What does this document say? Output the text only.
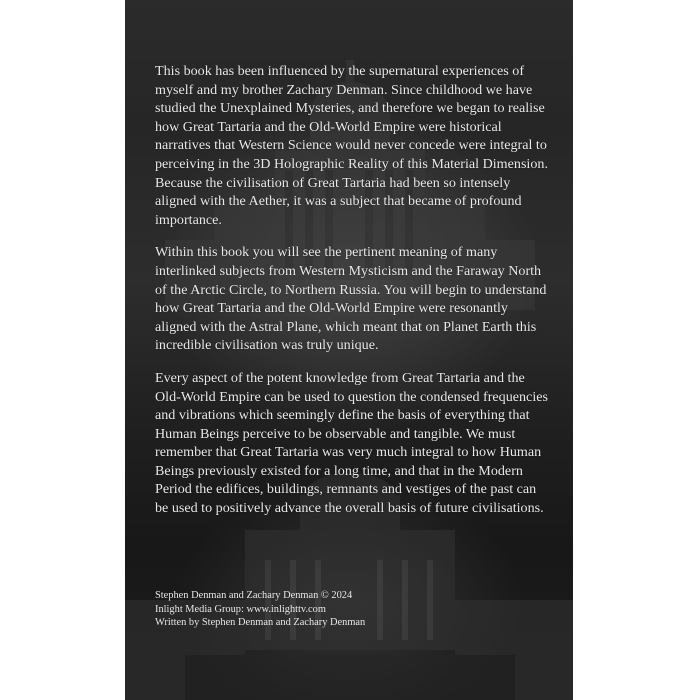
This book has been influenced by the supernatural experiences of myself and my brother Zachary Denman. Since childhood we have studied the Unexplained Mysteries, and therefore we began to realise how Great Tartaria and the Old-World Empire were historical narratives that Western Science would never concede were integral to perceiving in the 3D Holographic Reality of this Material Dimension. Because the civilisation of Great Tartaria had been so intensely aligned with the Aether, it was a subject that became of profound importance.

Within this book you will see the pertinent meaning of many interlinked subjects from Western Mysticism and the Faraway North of the Arctic Circle, to Northern Russia. You will begin to understand how Great Tartaria and the Old-World Empire were resonantly aligned with the Astral Plane, which meant that on Planet Earth this incredible civilisation was truly unique.

Every aspect of the potent knowledge from Great Tartaria and the Old-World Empire can be used to question the condensed frequencies and vibrations which seemingly define the basis of everything that Human Beings perceive to be observable and tangible. We must remember that Great Tartaria was very much integral to how Human Beings previously existed for a long time, and that in the Modern Period the edifices, buildings, remnants and vestiges of the past can be used to positively advance the overall basis of future civilisations.

Stephen Denman and Zachary Denman © 2024
Inlight Media Group: www.inlighttv.com
Written by Stephen Denman and Zachary Denman
